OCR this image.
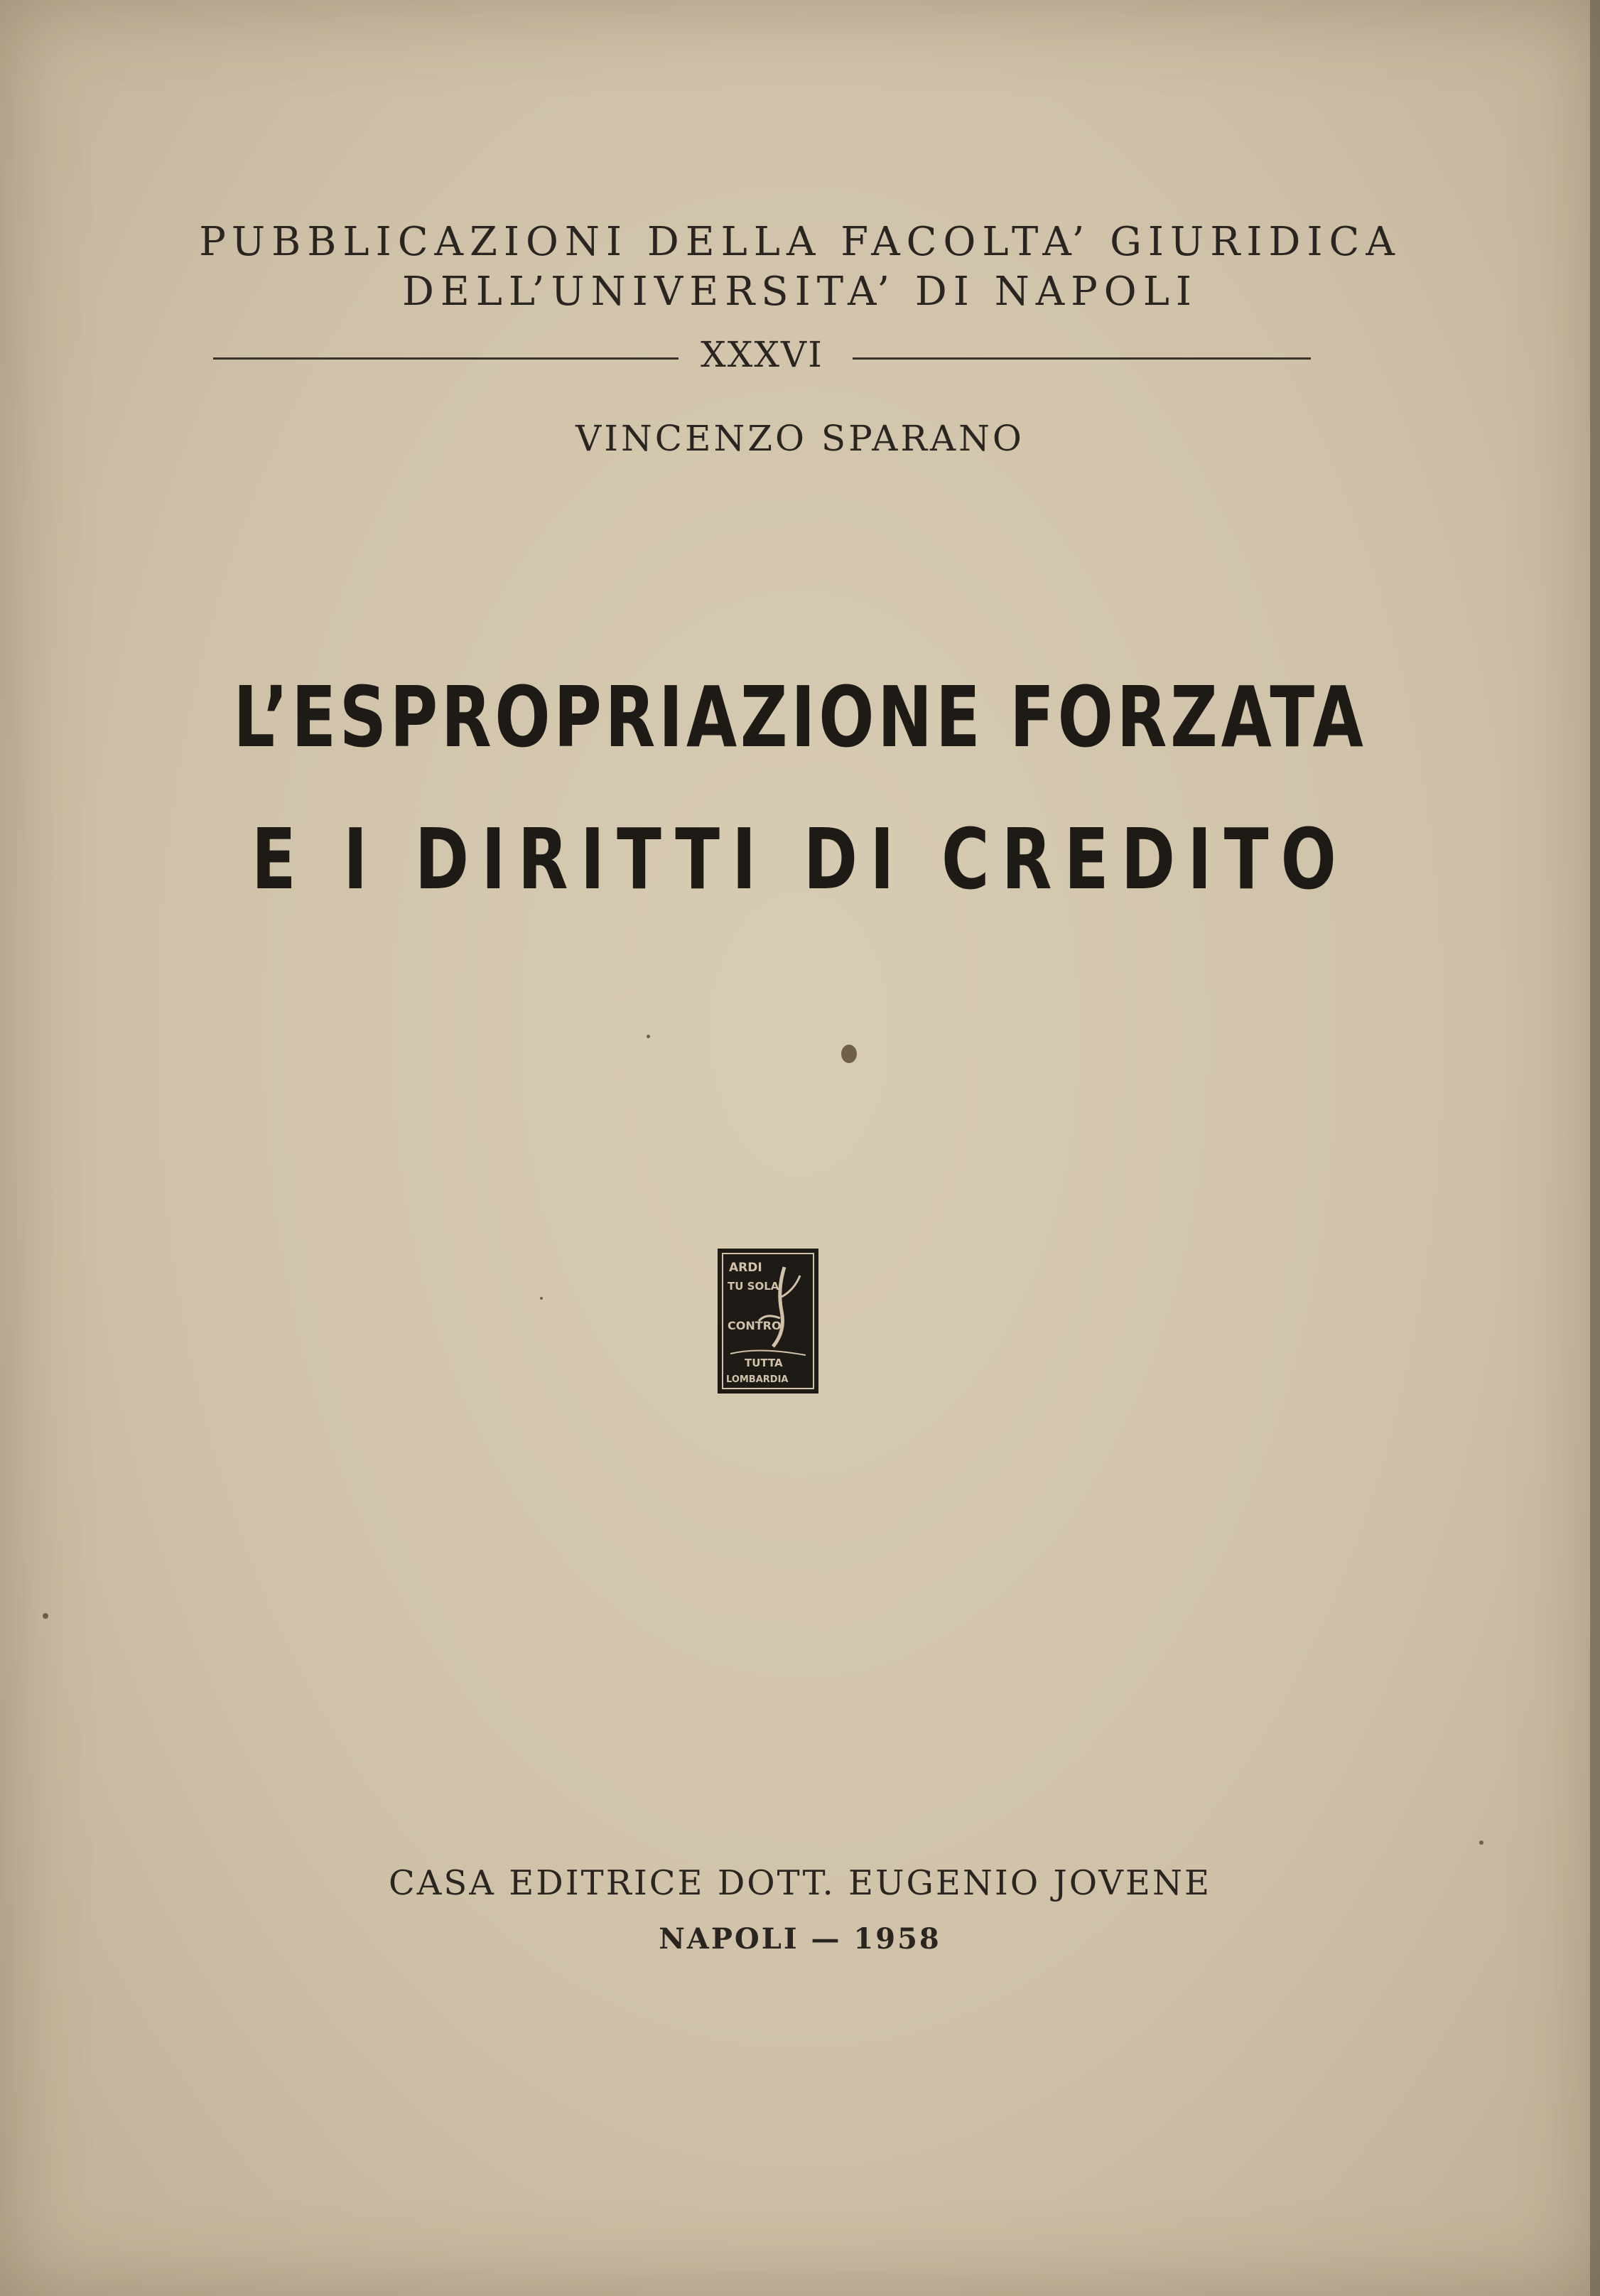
PUBBLICAZIONI DELLA FACOLTA’ GIURIDICA
DELL’UNIVERSITA’ DI NAPOLI
XXXVI
VINCENZO SPARANO
L’ESPROPRIAZIONE FORZATA
E I DIRITTI DI CREDITO
ARDI
TU SOLA
CONTRO
TUTTA
LOMBARDIA
CASA EDITRICE DOTT. EUGENIO JOVENE
NAPOLI — 1958
